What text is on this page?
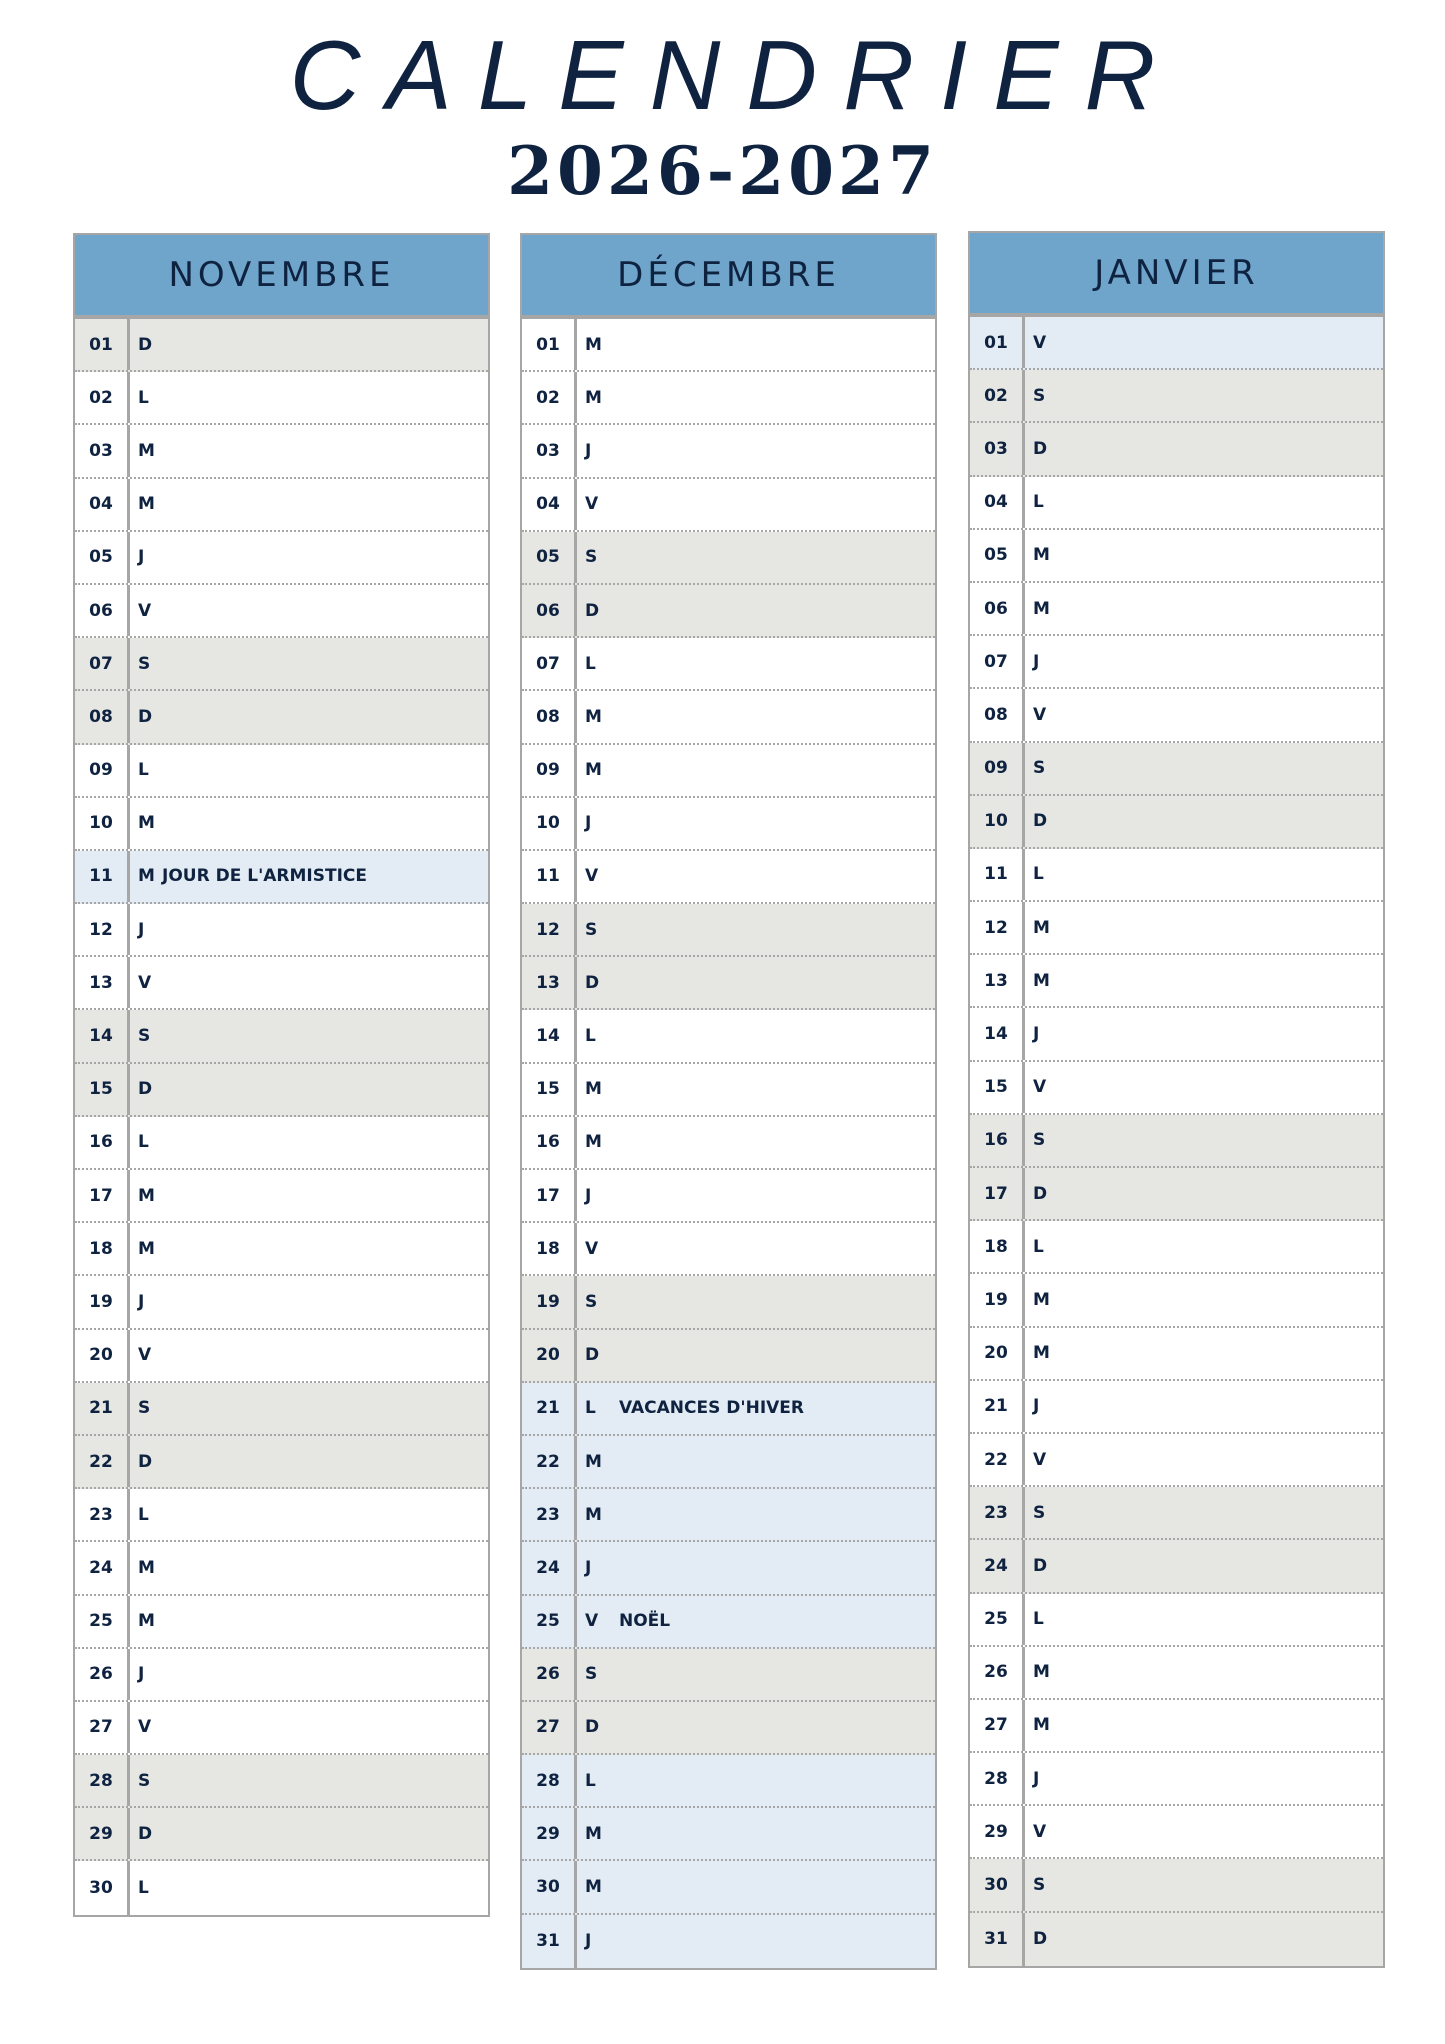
CALENDRIER
2026-2027
NOVEMBRE
01	D
02	L
03	M
04	M
05	J
06	V
07	S
08	D
09	L
10	M
11	M JOUR DE L'ARMISTICE
12	J
13	V
14	S
15	D
16	L
17	M
18	M
19	J
20	V
21	S
22	D
23	L
24	M
25	M
26	J
27	V
28	S
29	D
30	L
DÉCEMBRE
01	M
02	M
03	J
04	V
05	S
06	D
07	L
08	M
09	M
10	J
11	V
12	S
13	D
14	L
15	M
16	M
17	J
18	V
19	S
20	D
21	L	VACANCES D'HIVER
22	M
23	M
24	J
25	V	NOËL
26	S
27	D
28	L
29	M
30	M
31	J
JANVIER
01	V
02	S
03	D
04	L
05	M
06	M
07	J
08	V
09	S
10	D
11	L
12	M
13	M
14	J
15	V
16	S
17	D
18	L
19	M
20	M
21	J
22	V
23	S
24	D
25	L
26	M
27	M
28	J
29	V
30	S
31	D
